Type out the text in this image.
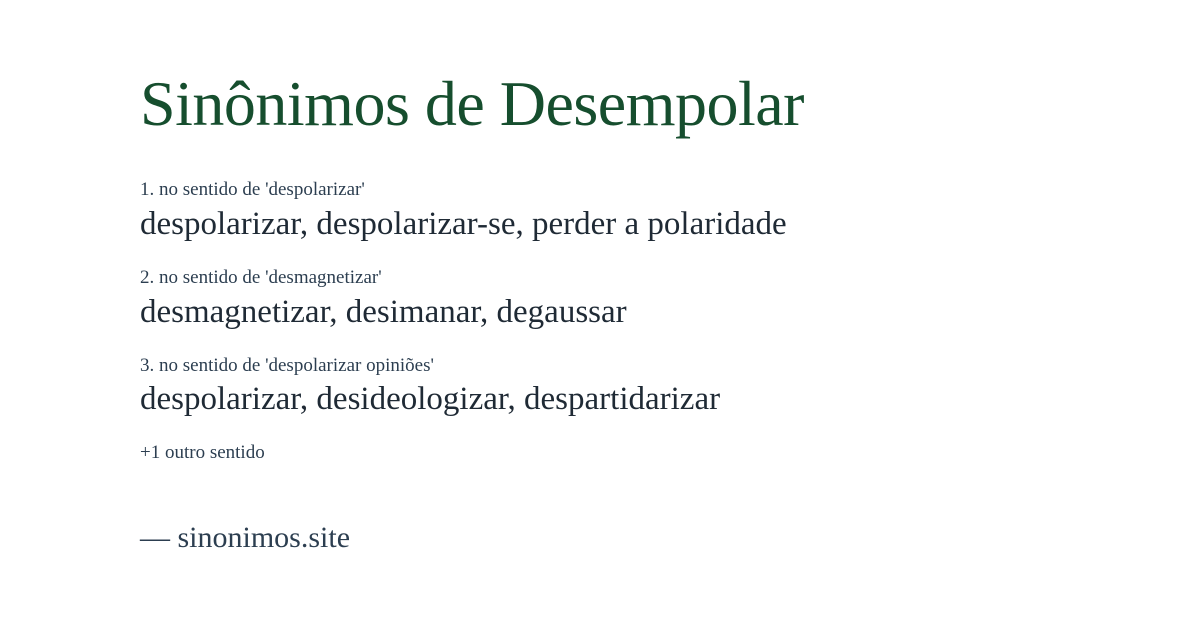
Sinônimos de Desempolar
1. no sentido de 'despolarizar'
despolarizar, despolarizar-se, perder a polaridade
2. no sentido de 'desmagnetizar'
desmagnetizar, desimanar, degaussar
3. no sentido de 'despolarizar opiniões'
despolarizar, desideologizar, despartidarizar
+1 outro sentido
— sinonimos.site
